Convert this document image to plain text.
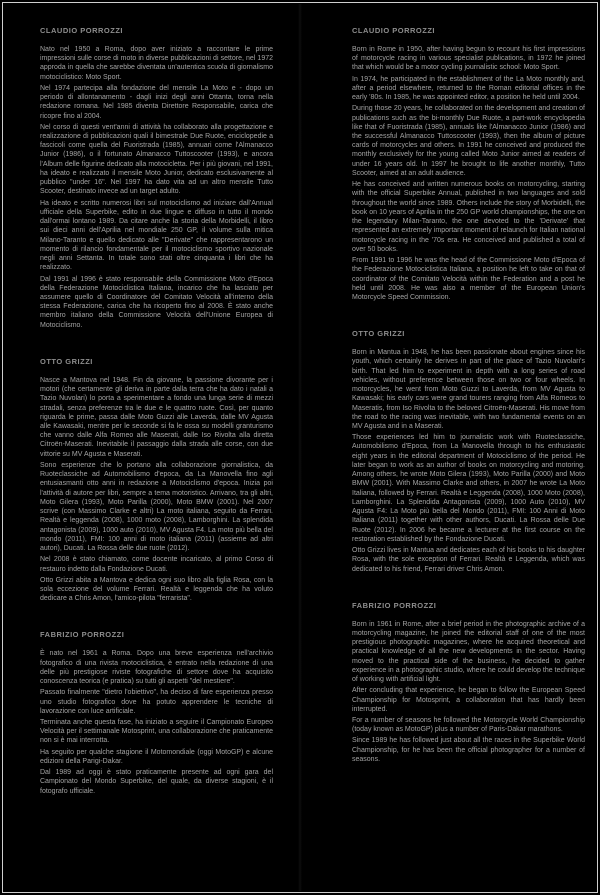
CLAUDIO PORROZZI

Nato nel 1950 a Roma, dopo aver iniziato a raccontare le prime impressioni sulle corse di moto in diverse pubblicazioni di settore, nel 1972 approda in quella che sarebbe diventata un'autentica scuola di giornalismo motociclistico: Moto Sport.

Nel 1974 partecipa alla fondazione del mensile La Moto e - dopo un periodo di allontanamento - dagli inizi degli anni Ottanta, torna nella redazione romana. Nel 1985 diventa Direttore Responsabile, carica che ricopre fino al 2004.

Nel corso di questi vent'anni di attività ha collaborato alla progettazione e realizzazione di pubblicazioni quali il bimestrale Due Ruote, enciclopedie a fascicoli come quella del Fuoristrada (1985), annuari come l'Almanacco Junior (1986), o il fortunato Almanacco Tuttoscooter (1993), e ancora l'Album delle figurine dedicato alla motocicletta. Per i più giovani, nel 1991, ha ideato e realizzato il mensile Moto Junior, dedicato esclusivamente al pubblico "under 16". Nel 1997 ha dato vita ad un altro mensile Tutto Scooter, destinato invece ad un target adulto.

Ha ideato e scritto numerosi libri sul motociclismo ad iniziare dall'Annual ufficiale della Superbike, edito in due lingue e diffuso in tutto il mondo dall'ormai lontano 1989. Da citare anche la storia della Morbidelli, il libro sui dieci anni dell'Aprilia nel mondiale 250 GP, il volume sulla mitica Milano-Taranto e quello dedicato alle "Derivate" che rappresentarono un momento di rilancio fondamentale per il motociclismo sportivo nazionale negli anni Settanta. In totale sono stati oltre cinquanta i libri che ha realizzato.

Dal 1991 al 1996 è stato responsabile della Commissione Moto d'Epoca della Federazione Motociclistica Italiana, incarico che ha lasciato per assumere quello di Coordinatore del Comitato Velocità all'interno della stessa Federazione, carica che ha ricoperto fino al 2008. È stato anche membro italiano della Commissione Velocità dell'Unione Europea di Motociclismo.

OTTO GRIZZI

Nasce a Mantova nel 1948. Fin da giovane, la passione divorante per i motori (che certamente gli deriva in parte dalla terra che ha dato i natali a Tazio Nuvolari) lo porta a sperimentare a fondo una lunga serie di mezzi stradali, senza preferenze tra le due e le quattro ruote. Così, per quanto riguarda le prime, passa dalle Moto Guzzi alle Laverda, dalle MV Agusta alle Kawasaki, mentre per le seconde si fa le ossa su modelli granturismo che vanno dalle Alfa Romeo alle Maserati, dalle Iso Rivolta alla diretta Citroën-Maserati. Inevitabile il passaggio dalla strada alle corse, con due vittorie su MV Agusta e Maserati.

Sono esperienze che lo portano alla collaborazione giornalistica, da Ruoteclassiche ad Automobilismo d'epoca, da La Manovella fino agli entusiasmanti otto anni in redazione a Motociclismo d'epoca. Inizia poi l'attività di autore per libri, sempre a tema motoristico. Arrivano, tra gli altri, Moto Gilera (1993), Moto Parilla (2000), Moto BMW (2001). Nel 2007 scrive (con Massimo Clarke e altri) La moto italiana, seguito da Ferrari. Realtà e leggenda (2008), 1000 moto (2008), Lamborghini. La splendida antagonista (2009), 1000 auto (2010), MV Agusta F4. La moto più bella del mondo (2011), FMI: 100 anni di moto italiana (2011) (assieme ad altri autori), Ducati. La Rossa delle due ruote (2012).

Nel 2008 è stato chiamato, come docente incaricato, al primo Corso di restauro indetto dalla Fondazione Ducati.

Otto Grizzi abita a Mantova e dedica ogni suo libro alla figlia Rosa, con la sola eccezione del volume Ferrari. Realtà e leggenda che ha voluto dedicare a Chris Amon, l'amico-pilota "ferrarista".

FABRIZIO PORROZZI

È nato nel 1961 a Roma. Dopo una breve esperienza nell'archivio fotografico di una rivista motociclistica, è entrato nella redazione di una delle più prestigiose riviste fotografiche di settore dove ha acquisito conoscenza teorica (e pratica) su tutti gli aspetti "del mestiere".

Passato finalmente "dietro l'obiettivo", ha deciso di fare esperienza presso uno studio fotografico dove ha potuto apprendere le tecniche di lavorazione con luce artificiale.

Terminata anche questa fase, ha iniziato a seguire il Campionato Europeo Velocità per il settimanale Motosprint, una collaborazione che praticamente non si è mai interrotta.

Ha seguito per qualche stagione il Motomondiale (oggi MotoGP) e alcune edizioni della Parigi-Dakar.

Dal 1989 ad oggi è stato praticamente presente ad ogni gara del Campionato del Mondo Superbike, del quale, da diverse stagioni, è il fotografo ufficiale.

CLAUDIO PORROZZI

Born in Rome in 1950, after having begun to recount his first impressions of motorcycle racing in various specialist publications, in 1972 he joined that which would be a motor cycling journalistic school: Moto Sport.

In 1974, he participated in the establishment of the La Moto monthly and, after a period elsewhere, returned to the Roman editorial offices in the early '80s. In 1985, he was appointed editor, a position he held until 2004.

During those 20 years, he collaborated on the development and creation of publications such as the bi-monthly Due Ruote, a part-work encyclopedia like that of Fuoristrada (1985), annuals like l'Almanacco Junior (1986) and the successful Almanacco Tuttoscooter (1993), then the album of picture cards of motorcycles and others. In 1991 he conceived and produced the monthly exclusively for the young called Moto Junior aimed at readers of under 16 years old. In 1997 he brought to life another monthly, Tutto Scooter, aimed at an adult audience.

He has conceived and written numerous books on motorcycling, starting with the official Superbike Annual, published in two languages and sold throughout the world since 1989. Others include the story of Morbidelli, the book on 10 years of Aprilia in the 250 GP world championships, the one on the legendary Milan-Taranto, the one devoted to the 'Derivate' that represented an extremely important moment of relaunch for Italian national motorcycle racing in the '70s era. He conceived and published a total of over 50 books.

From 1991 to 1996 he was the head of the Commissione Moto d'Epoca of the Federazione Motociclistica Italiana, a position he left to take on that of coordinator of the Comitato Velocità within the Federation and a post he held until 2008. He was also a member of the European Union's Motorcycle Speed Commission.

OTTO GRIZZI

Born in Mantua in 1948, he has been passionate about engines since his youth, which certainly he derives in part of the place of Tazio Nuvolari's birth. That led him to experiment in depth with a long series of road vehicles, without preference between those on two or four wheels. In motorcycles, he went from Moto Guzzi to Laverda, from MV Agusta to Kawasaki; his early cars were grand tourers ranging from Alfa Romeos to Maseratis, from Iso Rivolta to the beloved Citroën-Maserati. His move from the road to the racing was inevitable, with two fundamental events on an MV Agusta and in a Maserati.

Those experiences led him to journalistic work with Ruoteclassiche, Automobilismo d'Epoca, from La Manovella through to his enthusiastic eight years in the editorial department of Motociclismo of the period. He later began to work as an author of books on motorcycling and motoring. Among others, he wrote Moto Gilera (1993), Moto Parilla (2000) and Moto BMW (2001). With Massimo Clarke and others, in 2007 he wrote La Moto Italiana, followed by Ferrari. Realtà e Leggenda (2008), 1000 Moto (2008), Lamborghini. La Splendida Antagonista (2009), 1000 Auto (2010), MV Agusta F4: La Moto più bella del Mondo (2011), FMI: 100 Anni di Moto Italiana (2011) together with other authors, Ducati. La Rossa delle Due Ruote (2012). In 2006 he became a lecturer at the first course on the restoration established by the Fondazione Ducati.

Otto Grizzi lives in Mantua and dedicates each of his books to his daughter Rosa, with the sole exception of Ferrari. Realtà e Leggenda, which was dedicated to his friend, Ferrari driver Chris Amon.

FABRIZIO PORROZZI

Born in 1961 in Rome, after a brief period in the photographic archive of a motorcycling magazine, he joined the editorial staff of one of the most prestigious photographic magazines, where he acquired theoretical and practical knowledge of all the new developments in the sector. Having moved to the practical side of the business, he decided to gather experience in a photographic studio, where he could develop the technique of working with artificial light.

After concluding that experience, he began to follow the European Speed Championship for Motosprint, a collaboration that has hardly been interrupted.

For a number of seasons he followed the Motorcycle World Championship (today known as MotoGP) plus a number of Paris-Dakar marathons.

Since 1989 he has followed just about all the races in the Superbike World Championship, for he has been the official photographer for a number of seasons.
